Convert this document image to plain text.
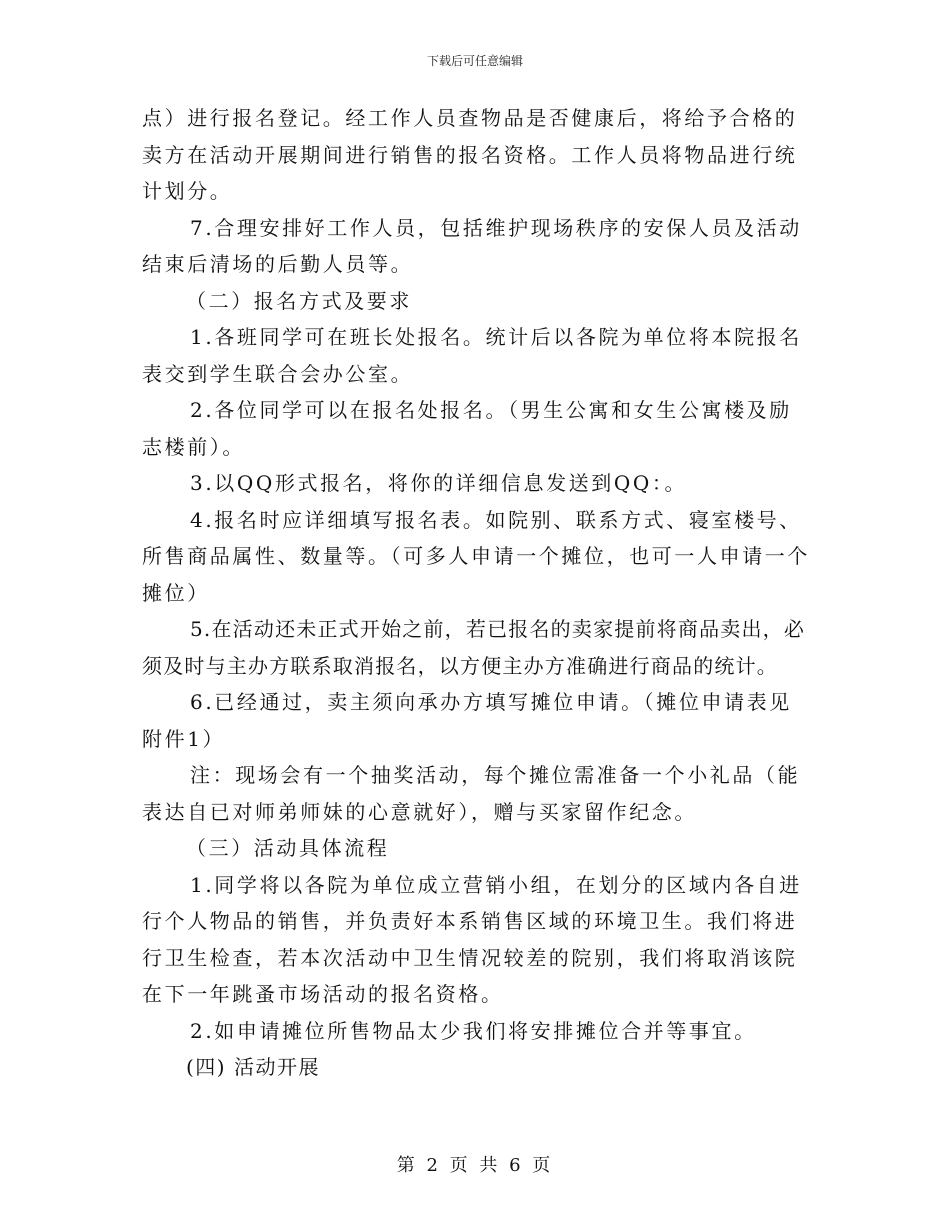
下载后可任意编辑

点）进行报名登记。经工作人员查物品是否健康后，将给予合格的卖方在活动开展期间进行销售的报名资格。工作人员将物品进行统计划分。

7.合理安排好工作人员，包括维护现场秩序的安保人员及活动结束后清场的后勤人员等。

（二）报名方式及要求

1.各班同学可在班长处报名。统计后以各院为单位将本院报名表交到学生联合会办公室。

2.各位同学可以在报名处报名。（男生公寓和女生公寓楼及励志楼前）。

3.以QQ形式报名，将你的详细信息发送到QQ：。

4.报名时应详细填写报名表。如院别、联系方式、寝室楼号、所售商品属性、数量等。（可多人申请一个摊位，也可一人申请一个摊位）

5.在活动还未正式开始之前，若已报名的卖家提前将商品卖出，必须及时与主办方联系取消报名，以方便主办方准确进行商品的统计。

6.已经通过，卖主须向承办方填写摊位申请。（摊位申请表见附件1）

注：现场会有一个抽奖活动，每个摊位需准备一个小礼品（能表达自已对师弟师妹的心意就好），赠与买家留作纪念。

（三）活动具体流程

1.同学将以各院为单位成立营销小组，在划分的区域内各自进行个人物品的销售，并负责好本系销售区域的环境卫生。我们将进行卫生检查，若本次活动中卫生情况较差的院别，我们将取消该院在下一年跳蚤市场活动的报名资格。

2.如申请摊位所售物品太少我们将安排摊位合并等事宜。

(四) 活动开展

第 2 页 共 6 页
